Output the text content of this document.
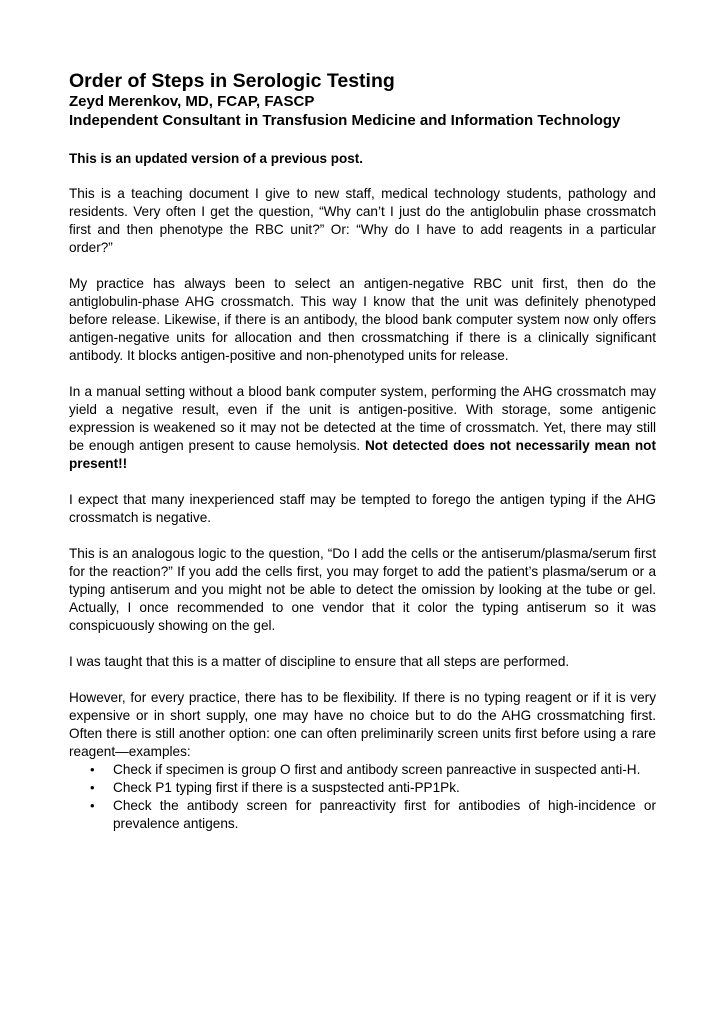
Order of Steps in Serologic Testing
Zeyd Merenkov, MD, FCAP, FASCP
Independent Consultant in Transfusion Medicine and Information Technology
This is an updated version of a previous post.

This is a teaching document I give to new staff, medical technology students, pathology and residents. Very often I get the question, “Why can’t I just do the antiglobulin phase crossmatch first and then phenotype the RBC unit?” Or: “Why do I have to add reagents in a particular order?”

My practice has always been to select an antigen-negative RBC unit first, then do the antiglobulin-phase AHG crossmatch. This way I know that the unit was definitely phenotyped before release. Likewise, if there is an antibody, the blood bank computer system now only offers antigen-negative units for allocation and then crossmatching if there is a clinically significant antibody. It blocks antigen-positive and non-phenotyped units for release.

In a manual setting without a blood bank computer system, performing the AHG crossmatch may yield a negative result, even if the unit is antigen-positive. With storage, some antigenic expression is weakened so it may not be detected at the time of crossmatch. Yet, there may still be enough antigen present to cause hemolysis. Not detected does not necessarily mean not present!!

I expect that many inexperienced staff may be tempted to forego the antigen typing if the AHG crossmatch is negative.

This is an analogous logic to the question, “Do I add the cells or the antiserum/plasma/serum first for the reaction?” If you add the cells first, you may forget to add the patient’s plasma/serum or a typing antiserum and you might not be able to detect the omission by looking at the tube or gel. Actually, I once recommended to one vendor that it color the typing antiserum so it was conspicuously showing on the gel.

I was taught that this is a matter of discipline to ensure that all steps are performed.

However, for every practice, there has to be flexibility. If there is no typing reagent or if it is very expensive or in short supply, one may have no choice but to do the AHG crossmatching first. Often there is still another option: one can often preliminarily screen units first before using a rare reagent—examples:

• Check if specimen is group O first and antibody screen panreactive in suspected anti-H.
• Check P1 typing first if there is a suspstected anti-PP1Pk.
• Check the antibody screen for panreactivity first for antibodies of high-incidence or prevalence antigens.
